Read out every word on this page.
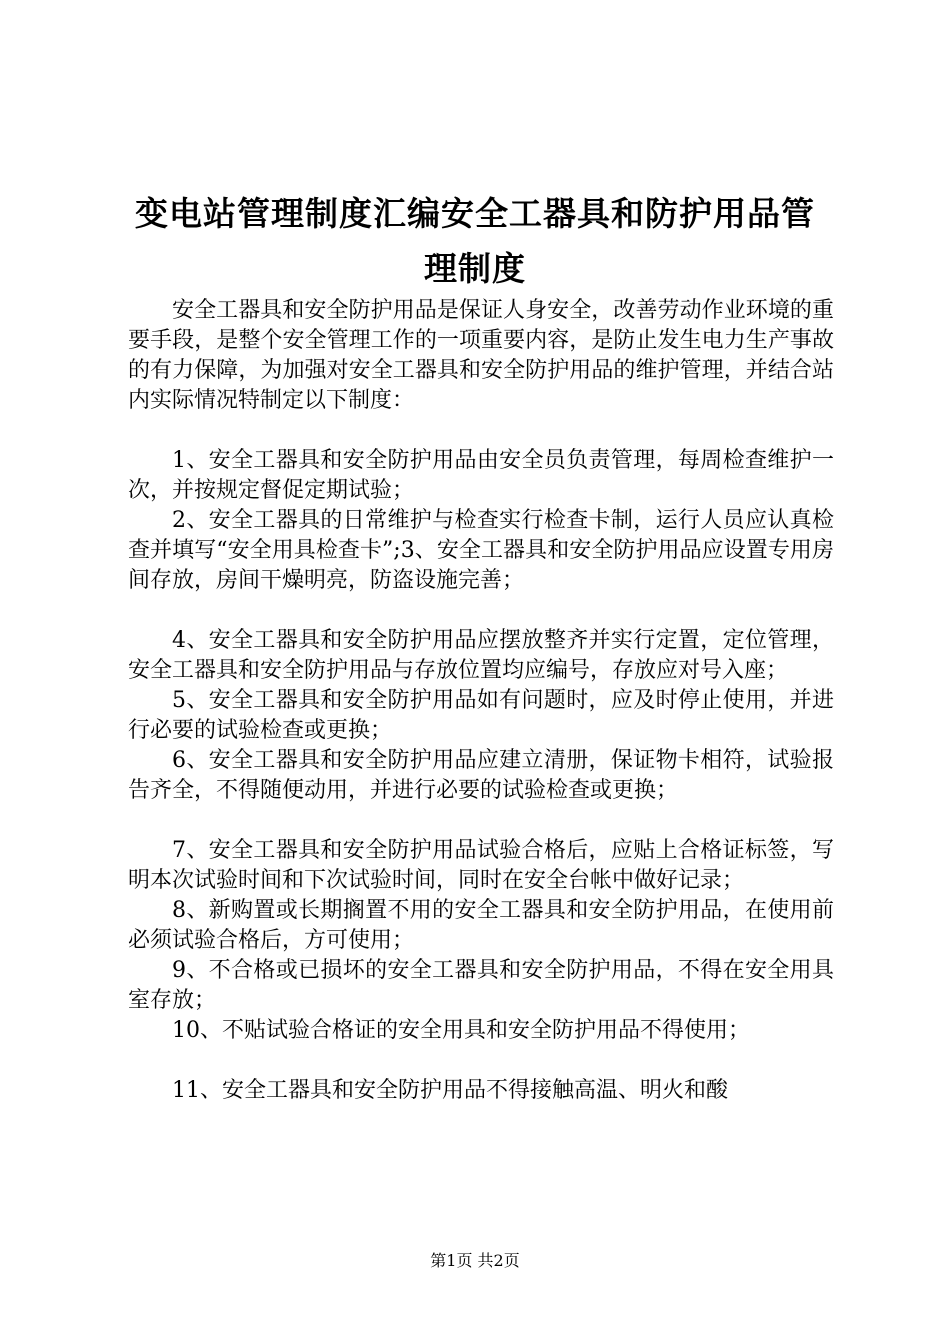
变电站管理制度汇编安全工器具和防护用品管
理制度

安全工器具和安全防护用品是保证人身安全，改善劳动作业环境的重要手段，是整个安全管理工作的一项重要内容，是防止发生电力生产事故的有力保障，为加强对安全工器具和安全防护用品的维护管理，并结合站内实际情况特制定以下制度：

1、安全工器具和安全防护用品由安全员负责管理，每周检查维护一次，并按规定督促定期试验；

2、安全工器具的日常维护与检查实行检查卡制，运行人员应认真检查并填写“安全用具检查卡”;3、安全工器具和安全防护用品应设置专用房间存放，房间干燥明亮，防盗设施完善；

4、安全工器具和安全防护用品应摆放整齐并实行定置，定位管理，安全工器具和安全防护用品与存放位置均应编号，存放应对号入座；

5、安全工器具和安全防护用品如有问题时，应及时停止使用，并进行必要的试验检查或更换；

6、安全工器具和安全防护用品应建立清册，保证物卡相符，试验报告齐全，不得随便动用，并进行必要的试验检查或更换；

7、安全工器具和安全防护用品试验合格后，应贴上合格证标签，写明本次试验时间和下次试验时间，同时在安全台帐中做好记录；

8、新购置或长期搁置不用的安全工器具和安全防护用品，在使用前必须试验合格后，方可使用；

9、不合格或已损坏的安全工器具和安全防护用品，不得在安全用具室存放；

10、不贴试验合格证的安全用具和安全防护用品不得使用；

11、安全工器具和安全防护用品不得接触高温、明火和酸

第1页 共2页
